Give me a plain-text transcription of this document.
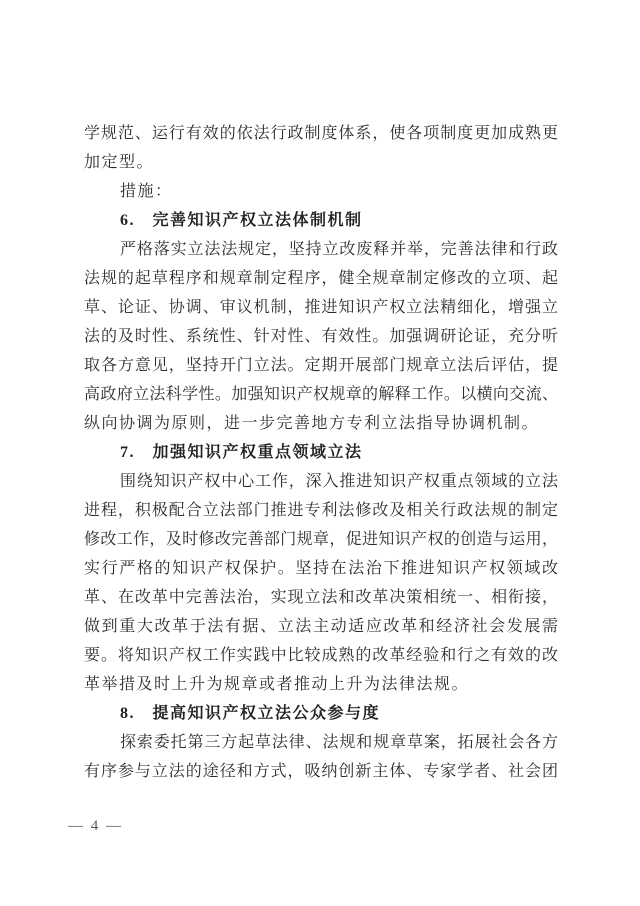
学规范、运行有效的依法行政制度体系，使各项制度更加成熟更
加定型。
措施：
6.　完善知识产权立法体制机制
严格落实立法法规定，坚持立改废释并举，完善法律和行政
法规的起草程序和规章制定程序，健全规章制定修改的立项、起
草、论证、协调、审议机制，推进知识产权立法精细化，增强立
法的及时性、系统性、针对性、有效性。加强调研论证，充分听
取各方意见，坚持开门立法。定期开展部门规章立法后评估，提
高政府立法科学性。加强知识产权规章的解释工作。以横向交流、
纵向协调为原则，进一步完善地方专利立法指导协调机制。
7.　加强知识产权重点领域立法
围绕知识产权中心工作，深入推进知识产权重点领域的立法
进程，积极配合立法部门推进专利法修改及相关行政法规的制定
修改工作，及时修改完善部门规章，促进知识产权的创造与运用，
实行严格的知识产权保护。坚持在法治下推进知识产权领域改
革、在改革中完善法治，实现立法和改革决策相统一、相衔接，
做到重大改革于法有据、立法主动适应改革和经济社会发展需
要。将知识产权工作实践中比较成熟的改革经验和行之有效的改
革举措及时上升为规章或者推动上升为法律法规。
8.　提高知识产权立法公众参与度
探索委托第三方起草法律、法规和规章草案，拓展社会各方
有序参与立法的途径和方式，吸纳创新主体、专家学者、社会团
— 4 —
